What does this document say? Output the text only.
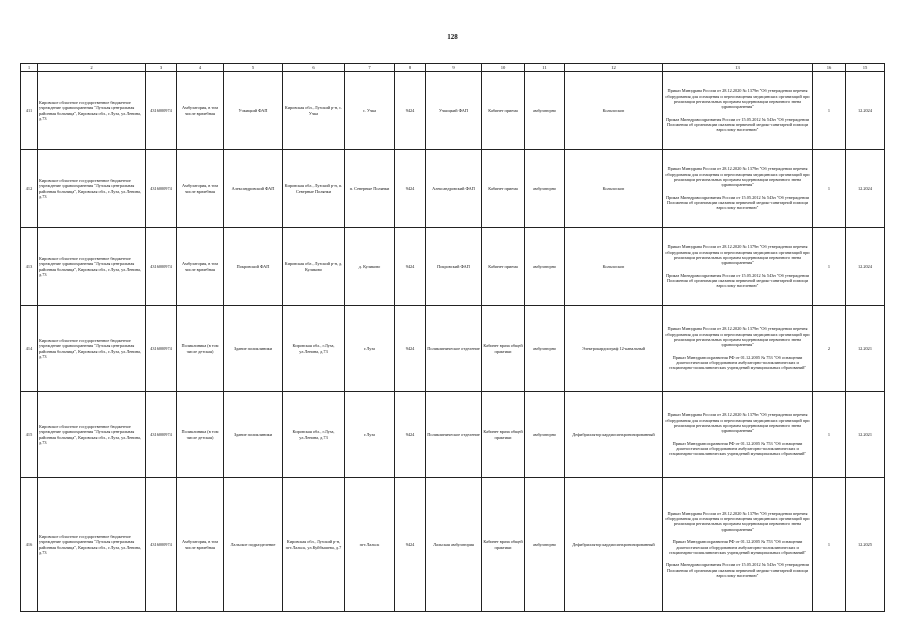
128
1	2	3	4	5	6	7	8	9	10	11	12	13	16	15
411	Кировское областное государственное бюджетное учреждение здравоохранения "Лузская центральная районная больница", Кировская обл., г.Луза, ул.Ленина, д.73	4316000974	Амбулатория, в том числе врачебная	Учкицкий ФАП	Кировская обл., Лузский р-н, с. Учка	с. Учка	9424	Учкицкий ФАП	Кабинет приема	амбулаторно	Кольпоскоп	Приказ Минздрава России от 28.12.2020 № 1379н "Об утверждении перечня оборудования для оснащения и переоснащения медицинских организаций при реализации региональных программ модернизации первичного звена здравоохранения"

Приказ Минздравсоцразвития России от 15.05.2012 № 543н "Об утверждении Положения об организации оказания первичной медико-санитарной помощи взрослому населению"	1	12.2024
412	Кировское областное государственное бюджетное учреждение здравоохранения "Лузская центральная районная больница", Кировская обл., г.Луза, ул.Ленина, д.73	4316000974	Амбулатория, в том числе врачебная	Александровский ФАП	Кировская обл., Лузский р-н, п. Северные Полянки	п. Северные Полянки	9424	Александровский ФАП	Кабинет приема	амбулаторно	Кольпоскоп	Приказ Минздрава России от 28.12.2020 № 1379н "Об утверждении перечня оборудования для оснащения и переоснащения медицинских организаций при реализации региональных программ модернизации первичного звена здравоохранения"

Приказ Минздравсоцразвития России от 15.05.2012 № 543н "Об утверждении Положения об организации оказания первичной медико-санитарной помощи взрослому населению"	1	12.2024
413	Кировское областное государственное бюджетное учреждение здравоохранения "Лузская центральная районная больница", Кировская обл., г.Луза, ул.Ленина, д.73	4316000974	Амбулатория, в том числе врачебная	Покровский ФАП	Кировская обл., Лузский р-н, д. Куликово	д. Куликово	9424	Покровский ФАП	Кабинет приема	амбулаторно	Кольпоскоп	Приказ Минздрава России от 28.12.2020 № 1379н "Об утверждении перечня оборудования для оснащения и переоснащения медицинских организаций при реализации региональных программ модернизации первичного звена здравоохранения"

Приказ Минздравсоцразвития России от 15.05.2012 № 543н "Об утверждении Положения об организации оказания первичной медико-санитарной помощи взрослому населению"	1	12.2024
414	Кировское областное государственное бюджетное учреждение здравоохранения "Лузская центральная районная больница", Кировская обл., г.Луза, ул.Ленина, д.73	4316000974	Поликлиника (в том числе детская)	Здание поликлиники	Кировская обл., г.Луза, ул.Ленина, д.73	г.Луза	9424	Поликлиническое отделение	Кабинет врача общей практики	амбулаторно	Электрокардиограф 12-канальный	Приказ Минздрава России от 28.12.2020 № 1379н "Об утверждении перечня оборудования для оснащения и переоснащения медицинских организаций при реализации региональных программ модернизации первичного звена здравоохранения"

Приказ Минздравсоцразвития РФ от 01.12.2005 № 753 "Об оснащении диагностическим оборудованием амбулаторно-поликлинических и стационарно-поликлинических учреждений муниципальных образований"	2	12.2021
415	Кировское областное государственное бюджетное учреждение здравоохранения "Лузская центральная районная больница", Кировская обл., г.Луза, ул.Ленина, д.73	4316000974	Поликлиника (в том числе детская)	Здание поликлиники	Кировская обл., г.Луза, ул.Ленина, д.73	г.Луза	9424	Поликлиническое отделение	Кабинет врача общей практики	амбулаторно	Дефибриллятор кардиосинхронизированный	Приказ Минздрава России от 28.12.2020 № 1379н "Об утверждении перечня оборудования для оснащения и переоснащения медицинских организаций при реализации региональных программ модернизации первичного звена здравоохранения"

Приказ Минздравсоцразвития РФ от 01.12.2005 № 753 "Об оснащении диагностическим оборудованием амбулаторно-поликлинических и стационарно-поликлинических учреждений муниципальных образований"	1	12.2021
416	Кировское областное государственное бюджетное учреждение здравоохранения "Лузская центральная районная больница", Кировская обл., г.Луза, ул.Ленина, д.73	4316000974	Амбулатория, в том числе врачебная	Лальское подразделение	Кировская обл., Лузский р-н, пгт.Лальск, ул.Куйбышева, д.7	пгт.Лальск	9424	Лальская амбулатория	Кабинет врача общей практики	амбулаторно	Дефибриллятор кардиосинхронизированный	Приказ Минздрава России от 28.12.2020 № 1379н "Об утверждении перечня оборудования для оснащения и переоснащения медицинских организаций при реализации региональных программ модернизации первичного звена здравоохранения"

Приказ Минздравсоцразвития РФ от 01.12.2005 № 753 "Об оснащении диагностическим оборудованием амбулаторно-поликлинических и стационарно-поликлинических учреждений муниципальных образований"

Приказ Минздравсоцразвития России от 15.05.2012 № 543н "Об утверждении Положения об организации оказания первичной медико-санитарной помощи взрослому населению"	1	12.2025
